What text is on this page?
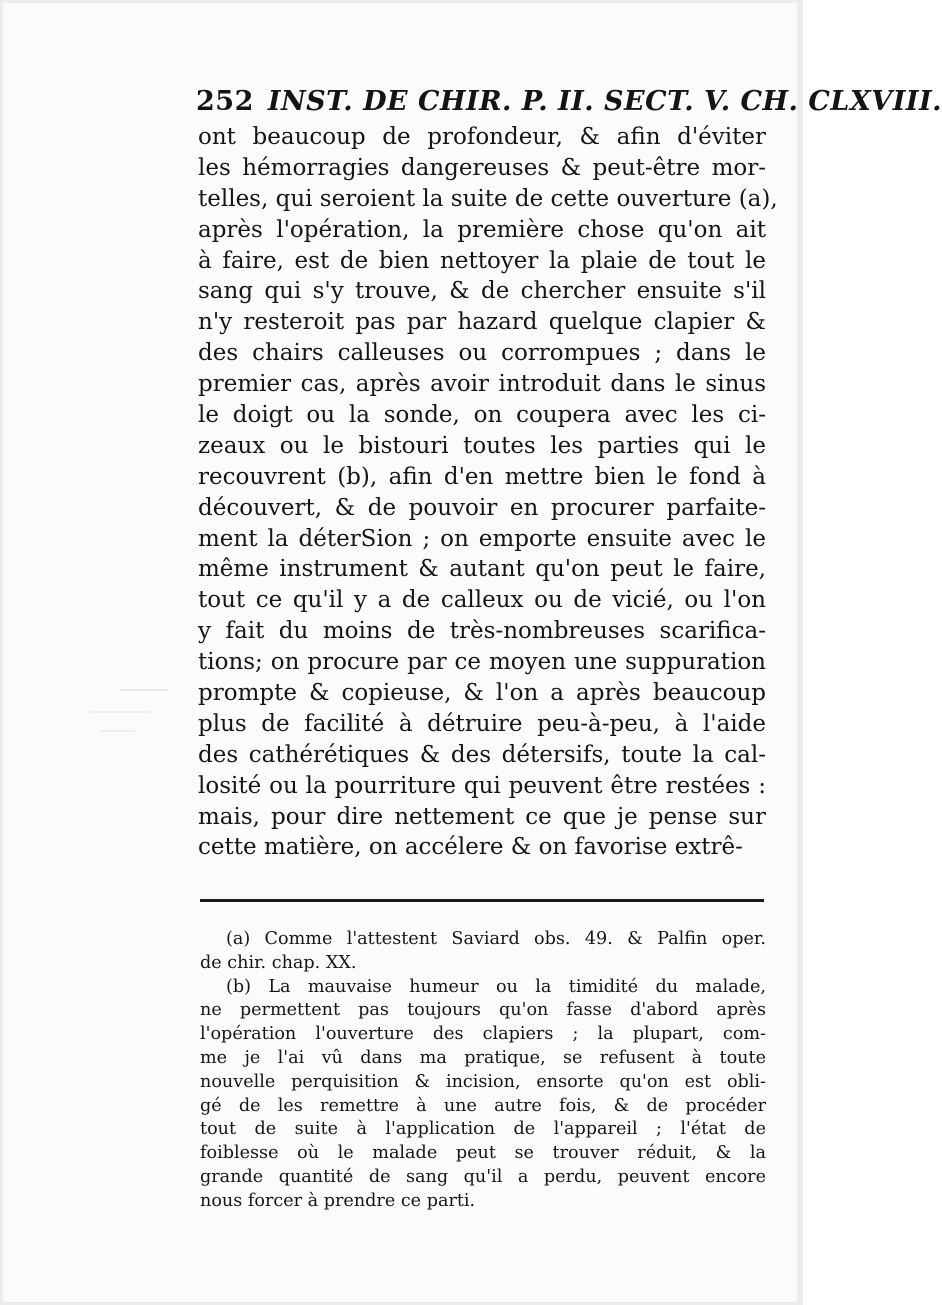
252 INST. DE CHIR. P. II. SECT. V. CH. CLXVIII.
ont beaucoup de profondeur, & afin d'éviter
les hémorragies dangereuses & peut-être mor-
telles, qui seroient la suite de cette ouverture (a),
après l'opération, la première chose qu'on ait
à faire, est de bien nettoyer la plaie de tout le
sang qui s'y trouve, & de chercher ensuite s'il
n'y resteroit pas par hazard quelque clapier &
des chairs calleuses ou corrompues ; dans le
premier cas, après avoir introduit dans le sinus
le doigt ou la sonde, on coupera avec les ci-
zeaux ou le bistouri toutes les parties qui le
recouvrent (b), afin d'en mettre bien le fond à
découvert, & de pouvoir en procurer parfaite-
ment la déterSion ; on emporte ensuite avec le
même instrument & autant qu'on peut le faire,
tout ce qu'il y a de calleux ou de vicié, ou l'on
y fait du moins de très-nombreuses scarifica-
tions; on procure par ce moyen une suppuration
prompte & copieuse, & l'on a après beaucoup
plus de facilité à détruire peu-à-peu, à l'aide
des cathérétiques & des détersifs, toute la cal-
losité ou la pourriture qui peuvent être restées :
mais, pour dire nettement ce que je pense sur
cette matière, on accélere & on favorise extrê-
(a) Comme l'attestent Saviard obs. 49. & Palfin oper.
de chir. chap. XX.
(b) La mauvaise humeur ou la timidité du malade,
ne permettent pas toujours qu'on fasse d'abord après
l'opération l'ouverture des clapiers ; la plupart, com-
me je l'ai vû dans ma pratique, se refusent à toute
nouvelle perquisition & incision, ensorte qu'on est obli-
gé de les remettre à une autre fois, & de procéder
tout de suite à l'application de l'appareil ; l'état de
foiblesse où le malade peut se trouver réduit, & la
grande quantité de sang qu'il a perdu, peuvent encore
nous forcer à prendre ce parti.
